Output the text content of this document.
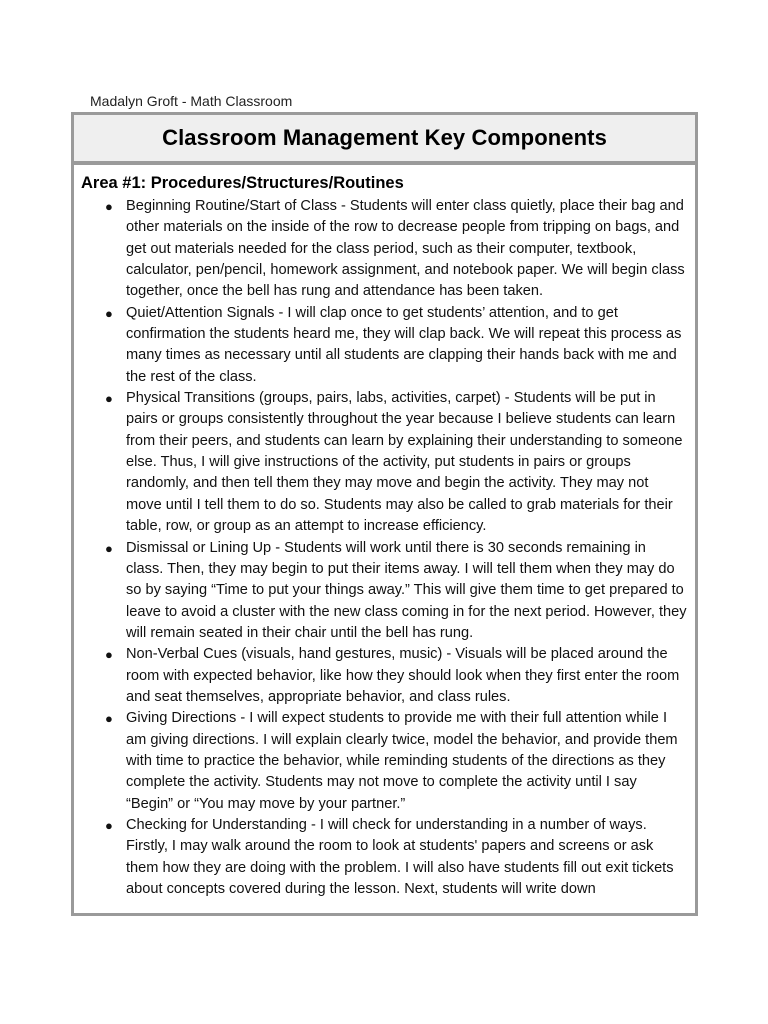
Madalyn Groft - Math Classroom
Classroom Management Key Components
Area #1: Procedures/Structures/Routines
● Beginning Routine/Start of Class - Students will enter class quietly, place their bag and other materials on the inside of the row to decrease people from tripping on bags, and get out materials needed for the class period, such as their computer, textbook, calculator, pen/pencil, homework assignment, and notebook paper. We will begin class together, once the bell has rung and attendance has been taken.
● Quiet/Attention Signals - I will clap once to get students’ attention, and to get confirmation the students heard me, they will clap back. We will repeat this process as many times as necessary until all students are clapping their hands back with me and the rest of the class.
● Physical Transitions (groups, pairs, labs, activities, carpet) - Students will be put in pairs or groups consistently throughout the year because I believe students can learn from their peers, and students can learn by explaining their understanding to someone else. Thus, I will give instructions of the activity, put students in pairs or groups randomly, and then tell them they may move and begin the activity. They may not move until I tell them to do so. Students may also be called to grab materials for their table, row, or group as an attempt to increase efficiency.
● Dismissal or Lining Up - Students will work until there is 30 seconds remaining in class. Then, they may begin to put their items away. I will tell them when they may do so by saying “Time to put your things away.” This will give them time to get prepared to leave to avoid a cluster with the new class coming in for the next period. However, they will remain seated in their chair until the bell has rung.
● Non-Verbal Cues (visuals, hand gestures, music) - Visuals will be placed around the room with expected behavior, like how they should look when they first enter the room and seat themselves, appropriate behavior, and class rules.
● Giving Directions - I will expect students to provide me with their full attention while I am giving directions. I will explain clearly twice, model the behavior, and provide them with time to practice the behavior, while reminding students of the directions as they complete the activity. Students may not move to complete the activity until I say “Begin” or “You may move by your partner.”
● Checking for Understanding - I will check for understanding in a number of ways. Firstly, I may walk around the room to look at students' papers and screens or ask them how they are doing with the problem. I will also have students fill out exit tickets about concepts covered during the lesson. Next, students will write down
